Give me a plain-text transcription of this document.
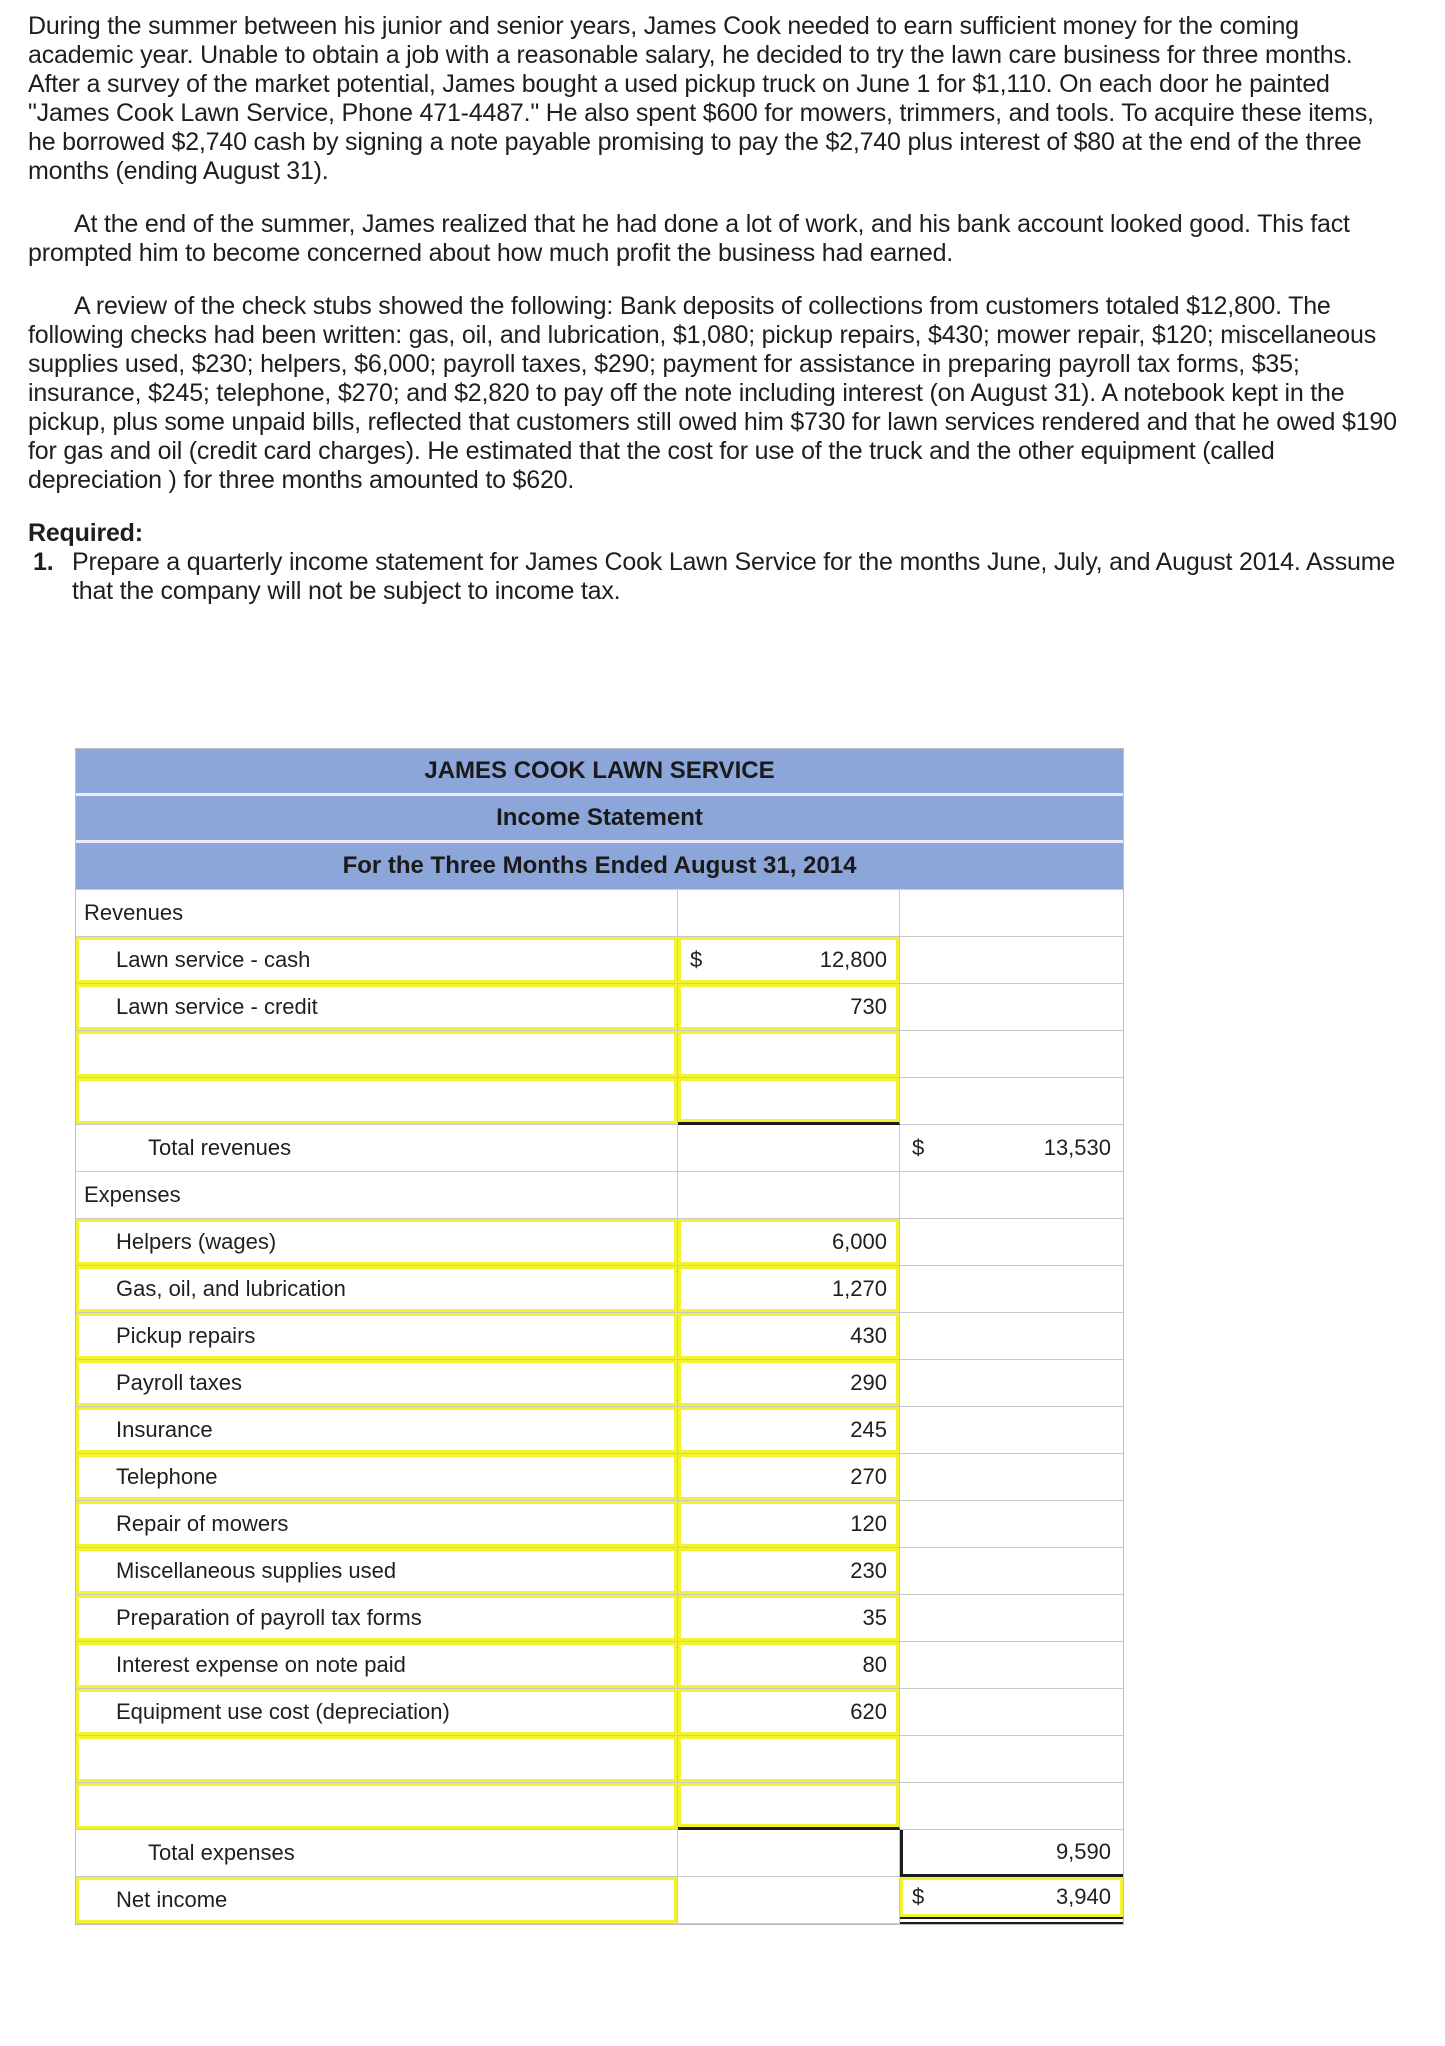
During the summer between his junior and senior years, James Cook needed to earn sufficient money for the coming academic year. Unable to obtain a job with a reasonable salary, he decided to try the lawn care business for three months. After a survey of the market potential, James bought a used pickup truck on June 1 for $1,110. On each door he painted "James Cook Lawn Service, Phone 471-4487." He also spent $600 for mowers, trimmers, and tools. To acquire these items, he borrowed $2,740 cash by signing a note payable promising to pay the $2,740 plus interest of $80 at the end of the three months (ending August 31).

At the end of the summer, James realized that he had done a lot of work, and his bank account looked good. This fact prompted him to become concerned about how much profit the business had earned.

A review of the check stubs showed the following: Bank deposits of collections from customers totaled $12,800. The following checks had been written: gas, oil, and lubrication, $1,080; pickup repairs, $430; mower repair, $120; miscellaneous supplies used, $230; helpers, $6,000; payroll taxes, $290; payment for assistance in preparing payroll tax forms, $35; insurance, $245; telephone, $270; and $2,820 to pay off the note including interest (on August 31). A notebook kept in the pickup, plus some unpaid bills, reflected that customers still owed him $730 for lawn services rendered and that he owed $190 for gas and oil (credit card charges). He estimated that the cost for use of the truck and the other equipment (called depreciation ) for three months amounted to $620.

Required:

1. Prepare a quarterly income statement for James Cook Lawn Service for the months June, July, and August 2014. Assume that the company will not be subject to income tax.
JAMES COOK LAWN SERVICE
Income Statement
For the Three Months Ended August 31, 2014
Revenues
Lawn service - cash	$	12,800
Lawn service - credit	730
Total revenues	$	13,530
Expenses
Helpers (wages)	6,000
Gas, oil, and lubrication	1,270
Pickup repairs	430
Payroll taxes	290
Insurance	245
Telephone	270
Repair of mowers	120
Miscellaneous supplies used	230
Preparation of payroll tax forms	35
Interest expense on note paid	80
Equipment use cost (depreciation)	620
Total expenses	9,590
Net income	$	3,940
